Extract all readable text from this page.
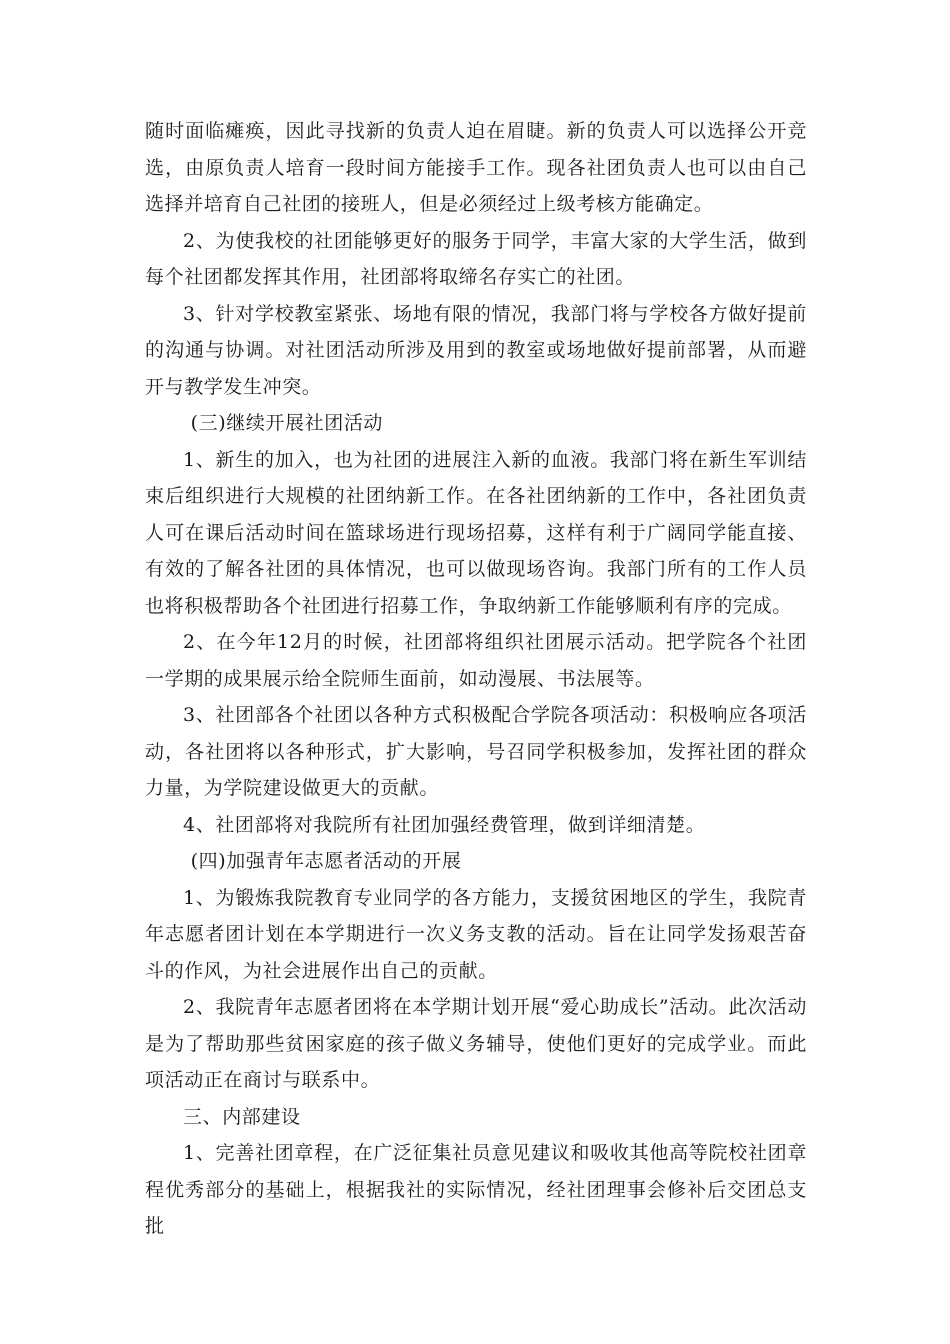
随时面临瘫痪，因此寻找新的负责人迫在眉睫。新的负责人可以选择公开竞选，由原负责人培育一段时间方能接手工作。现各社团负责人也可以由自己选择并培育自己社团的接班人，但是必须经过上级考核方能确定。

2、为使我校的社团能够更好的服务于同学，丰富大家的大学生活，做到每个社团都发挥其作用，社团部将取缔名存实亡的社团。

3、针对学校教室紧张、场地有限的情况，我部门将与学校各方做好提前的沟通与协调。对社团活动所涉及用到的教室或场地做好提前部署，从而避开与教学发生冲突。

(三)继续开展社团活动

1、新生的加入，也为社团的进展注入新的血液。我部门将在新生军训结束后组织进行大规模的社团纳新工作。在各社团纳新的工作中，各社团负责人可在课后活动时间在篮球场进行现场招募，这样有利于广阔同学能直接、有效的了解各社团的具体情况，也可以做现场咨询。我部门所有的工作人员也将积极帮助各个社团进行招募工作，争取纳新工作能够顺利有序的完成。

2、在今年12月的时候，社团部将组织社团展示活动。把学院各个社团一学期的成果展示给全院师生面前，如动漫展、书法展等。

3、社团部各个社团以各种方式积极配合学院各项活动：积极响应各项活动，各社团将以各种形式，扩大影响，号召同学积极参加，发挥社团的群众力量，为学院建设做更大的贡献。

4、社团部将对我院所有社团加强经费管理，做到详细清楚。

(四)加强青年志愿者活动的开展

1、为锻炼我院教育专业同学的各方能力，支援贫困地区的学生，我院青年志愿者团计划在本学期进行一次义务支教的活动。旨在让同学发扬艰苦奋斗的作风，为社会进展作出自己的贡献。

2、我院青年志愿者团将在本学期计划开展“爱心助成长”活动。此次活动是为了帮助那些贫困家庭的孩子做义务辅导，使他们更好的完成学业。而此项活动正在商讨与联系中。

三、内部建设

1、完善社团章程，在广泛征集社员意见建议和吸收其他高等院校社团章程优秀部分的基础上，根据我社的实际情况，经社团理事会修补后交团总支批
